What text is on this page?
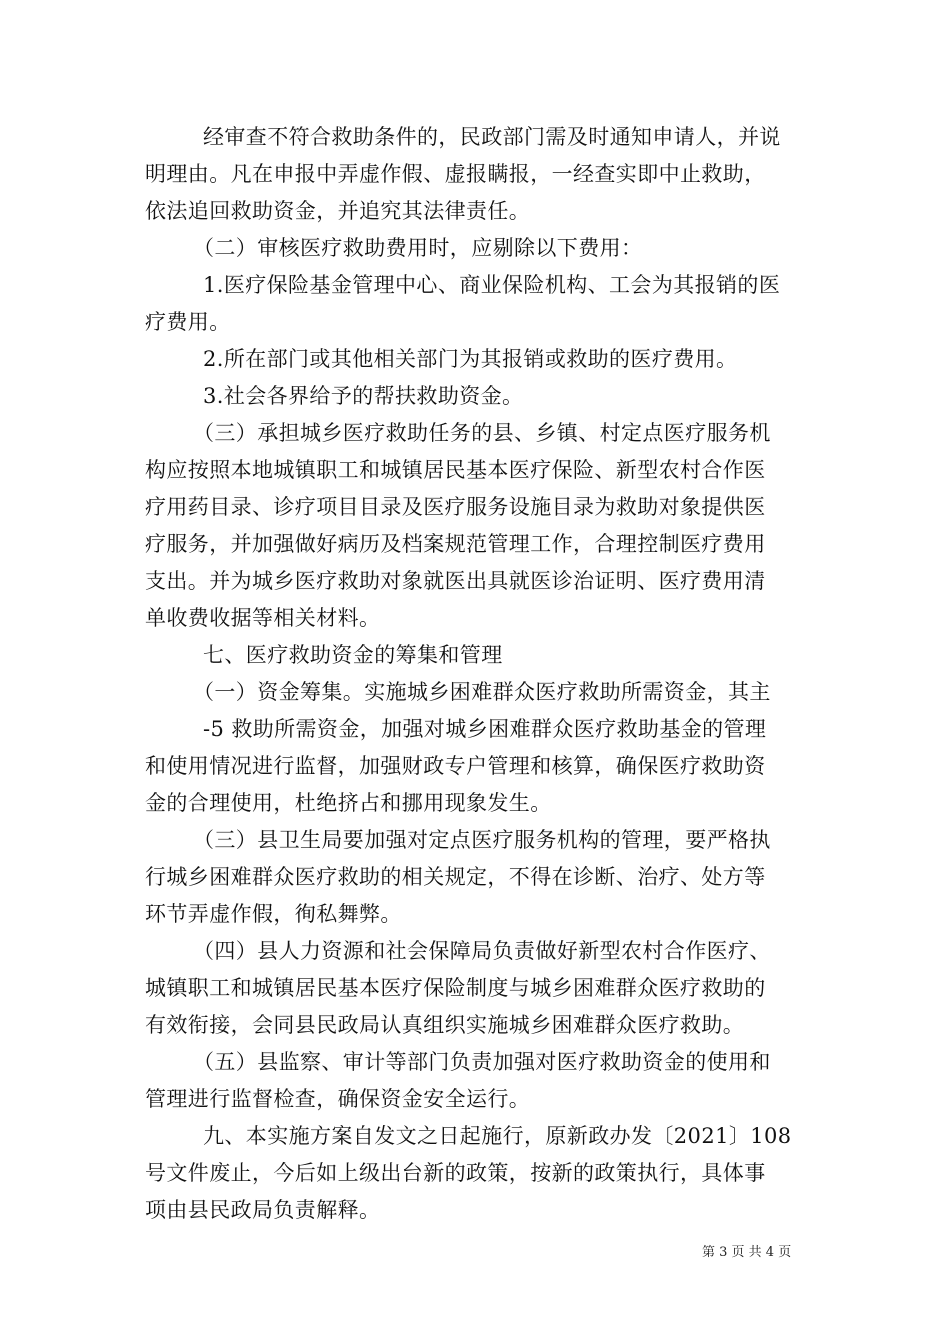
经审查不符合救助条件的，民政部门需及时通知申请人，并说
明理由。凡在申报中弄虚作假、虚报瞒报，一经查实即中止救助，
依法追回救助资金，并追究其法律责任。
（二）审核医疗救助费用时，应剔除以下费用：
1.医疗保险基金管理中心、商业保险机构、工会为其报销的医
疗费用。
2.所在部门或其他相关部门为其报销或救助的医疗费用。
3.社会各界给予的帮扶救助资金。
（三）承担城乡医疗救助任务的县、乡镇、村定点医疗服务机
构应按照本地城镇职工和城镇居民基本医疗保险、新型农村合作医
疗用药目录、诊疗项目目录及医疗服务设施目录为救助对象提供医
疗服务，并加强做好病历及档案规范管理工作，合理控制医疗费用
支出。并为城乡医疗救助对象就医出具就医诊治证明、医疗费用清
单收费收据等相关材料。
七、医疗救助资金的筹集和管理
（一）资金筹集。实施城乡困难群众医疗救助所需资金，其主
-5 救助所需资金，加强对城乡困难群众医疗救助基金的管理
和使用情况进行监督，加强财政专户管理和核算，确保医疗救助资
金的合理使用，杜绝挤占和挪用现象发生。
（三）县卫生局要加强对定点医疗服务机构的管理，要严格执
行城乡困难群众医疗救助的相关规定，不得在诊断、治疗、处方等
环节弄虚作假，徇私舞弊。
（四）县人力资源和社会保障局负责做好新型农村合作医疗、
城镇职工和城镇居民基本医疗保险制度与城乡困难群众医疗救助的
有效衔接，会同县民政局认真组织实施城乡困难群众医疗救助。
（五）县监察、审计等部门负责加强对医疗救助资金的使用和
管理进行监督检查，确保资金安全运行。
九、本实施方案自发文之日起施行，原新政办发〔2021〕108
号文件废止，今后如上级出台新的政策，按新的政策执行，具体事
项由县民政局负责解释。
第 3 页 共 4 页
